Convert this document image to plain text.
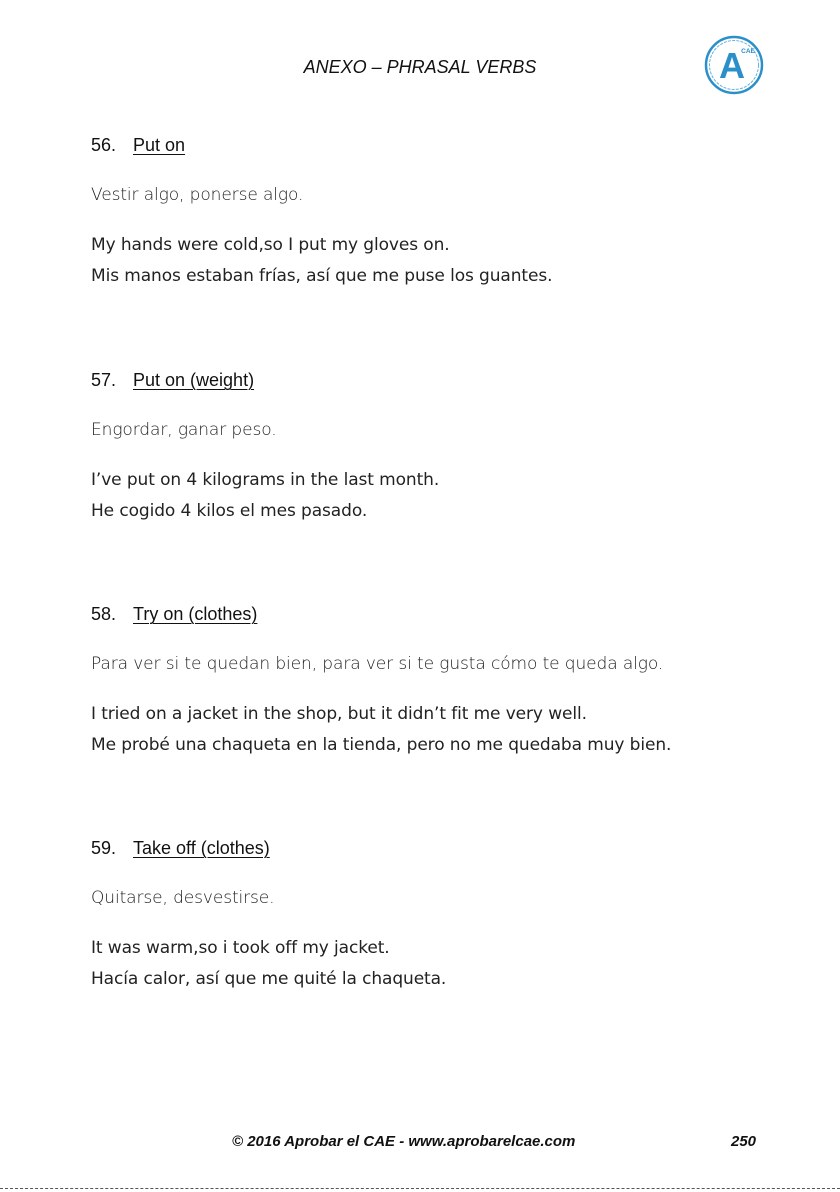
ANEXO – PHRASAL VERBS	A
CAE
56. Put on
Vestir algo, ponerse algo.
My hands were cold,so I put my gloves on.
Mis manos estaban frías, así que me puse los guantes.
57. Put on (weight)
Engordar, ganar peso.
I’ve put on 4 kilograms in the last month.
He cogido 4 kilos el mes pasado.
58. Try on (clothes)
Para ver si te quedan bien, para ver si te gusta cómo te queda algo.
I tried on a jacket in the shop, but it didn’t fit me very well.
Me probé una chaqueta en la tienda, pero no me quedaba muy bien.
59. Take off (clothes)
Quitarse, desvestirse.
It was warm,so i took off my jacket.
Hacía calor, así que me quité la chaqueta.
© 2016 Aprobar el CAE - www.aprobarelcae.com	250
